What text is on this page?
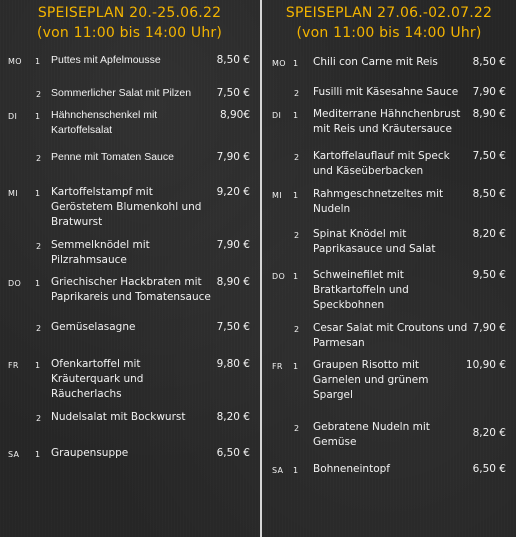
SPEISEPLAN 20.-25.06.22
(von 11:00 bis 14:00 Uhr)
MO 1 Puttes mit Apfelmousse	8,50 €
2 Sommerlicher Salat mit Pilzen	7,50 €
DI 1 Hähnchenschenkel mit
Kartoffelsalat
8,90€
2 Penne mit Tomaten Sauce	7,90 €
MI 1 Kartoffelstampf mit
Geröstetem Blumenkohl und
Bratwurst
9,20 €
2 Semmelknödel mit
Pilzrahmsauce
7,90 €
DO 1 Griechischer Hackbraten mit
Paprikareis und Tomatensauce
8,90 €
2 Gemüselasagne	7,50 €
FR 1 Ofenkartoffel mit
Kräuterquark und
Räucherlachs
9,80 €
2 Nudelsalat mit Bockwurst	8,20 €
SA 1 Graupensuppe	6,50 €
SPEISEPLAN 27.06.-02.07.22
(von 11:00 bis 14:00 Uhr)
MO 1 Chili con Carne mit Reis	8,50 €
2 Fusilli mit Käsesahne Sauce	7,90 €
DI 1 Mediterrane Hähnchenbrust
mit Reis und Kräutersauce
8,90 €
2 Kartoffelauflauf mit Speck
und Käseüberbacken
7,50 €
MI 1 Rahmgeschnetzeltes mit
Nudeln
8,50 €
2 Spinat Knödel mit
Paprikasauce und Salat
8,20 €
DO 1 Schweinefilet mit
Bratkartoffeln und
Speckbohnen
9,50 €
2 Cesar Salat mit Croutons und
Parmesan
7,90 €
FR 1 Graupen Risotto mit
Garnelen und grünem
Spargel
10,90 €
2 Gebratene Nudeln mit
Gemüse
8,20 €
SA 1 Bohneneintopf	6,50 €
